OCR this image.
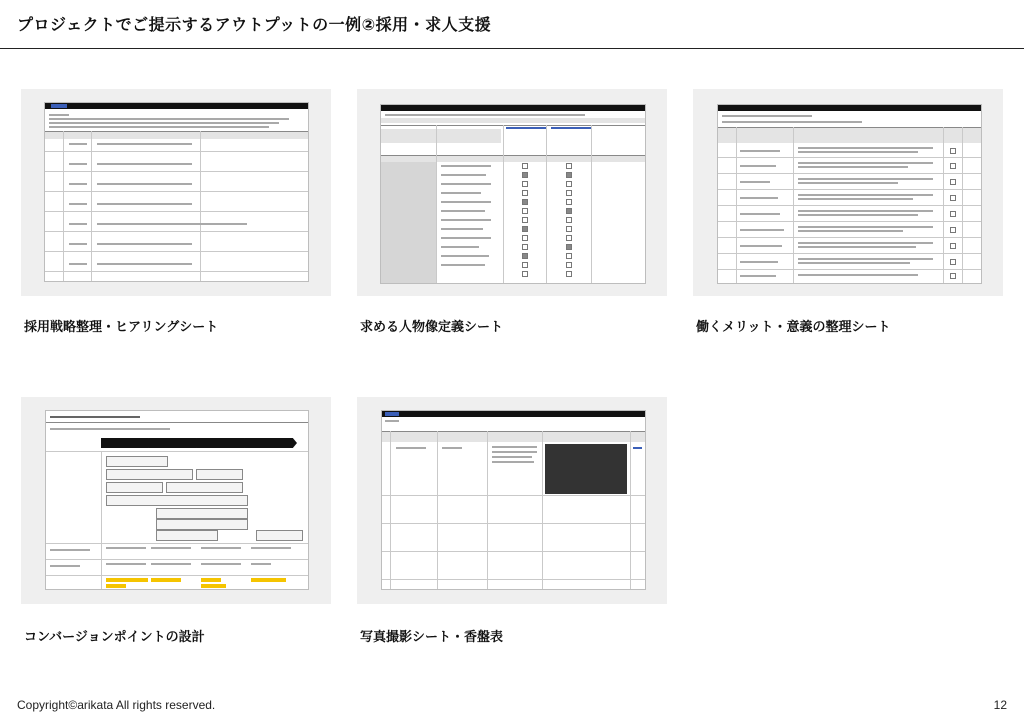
プロジェクトでご提示するアウトプットの一例②採用・求人支援
採用戦略整理・ヒアリングシート	求める人物像定義シート	働くメリット・意義の整理シート
コンバージョンポイントの設計	写真撮影シート・香盤表
Copyright©arikata All rights reserved.	12
